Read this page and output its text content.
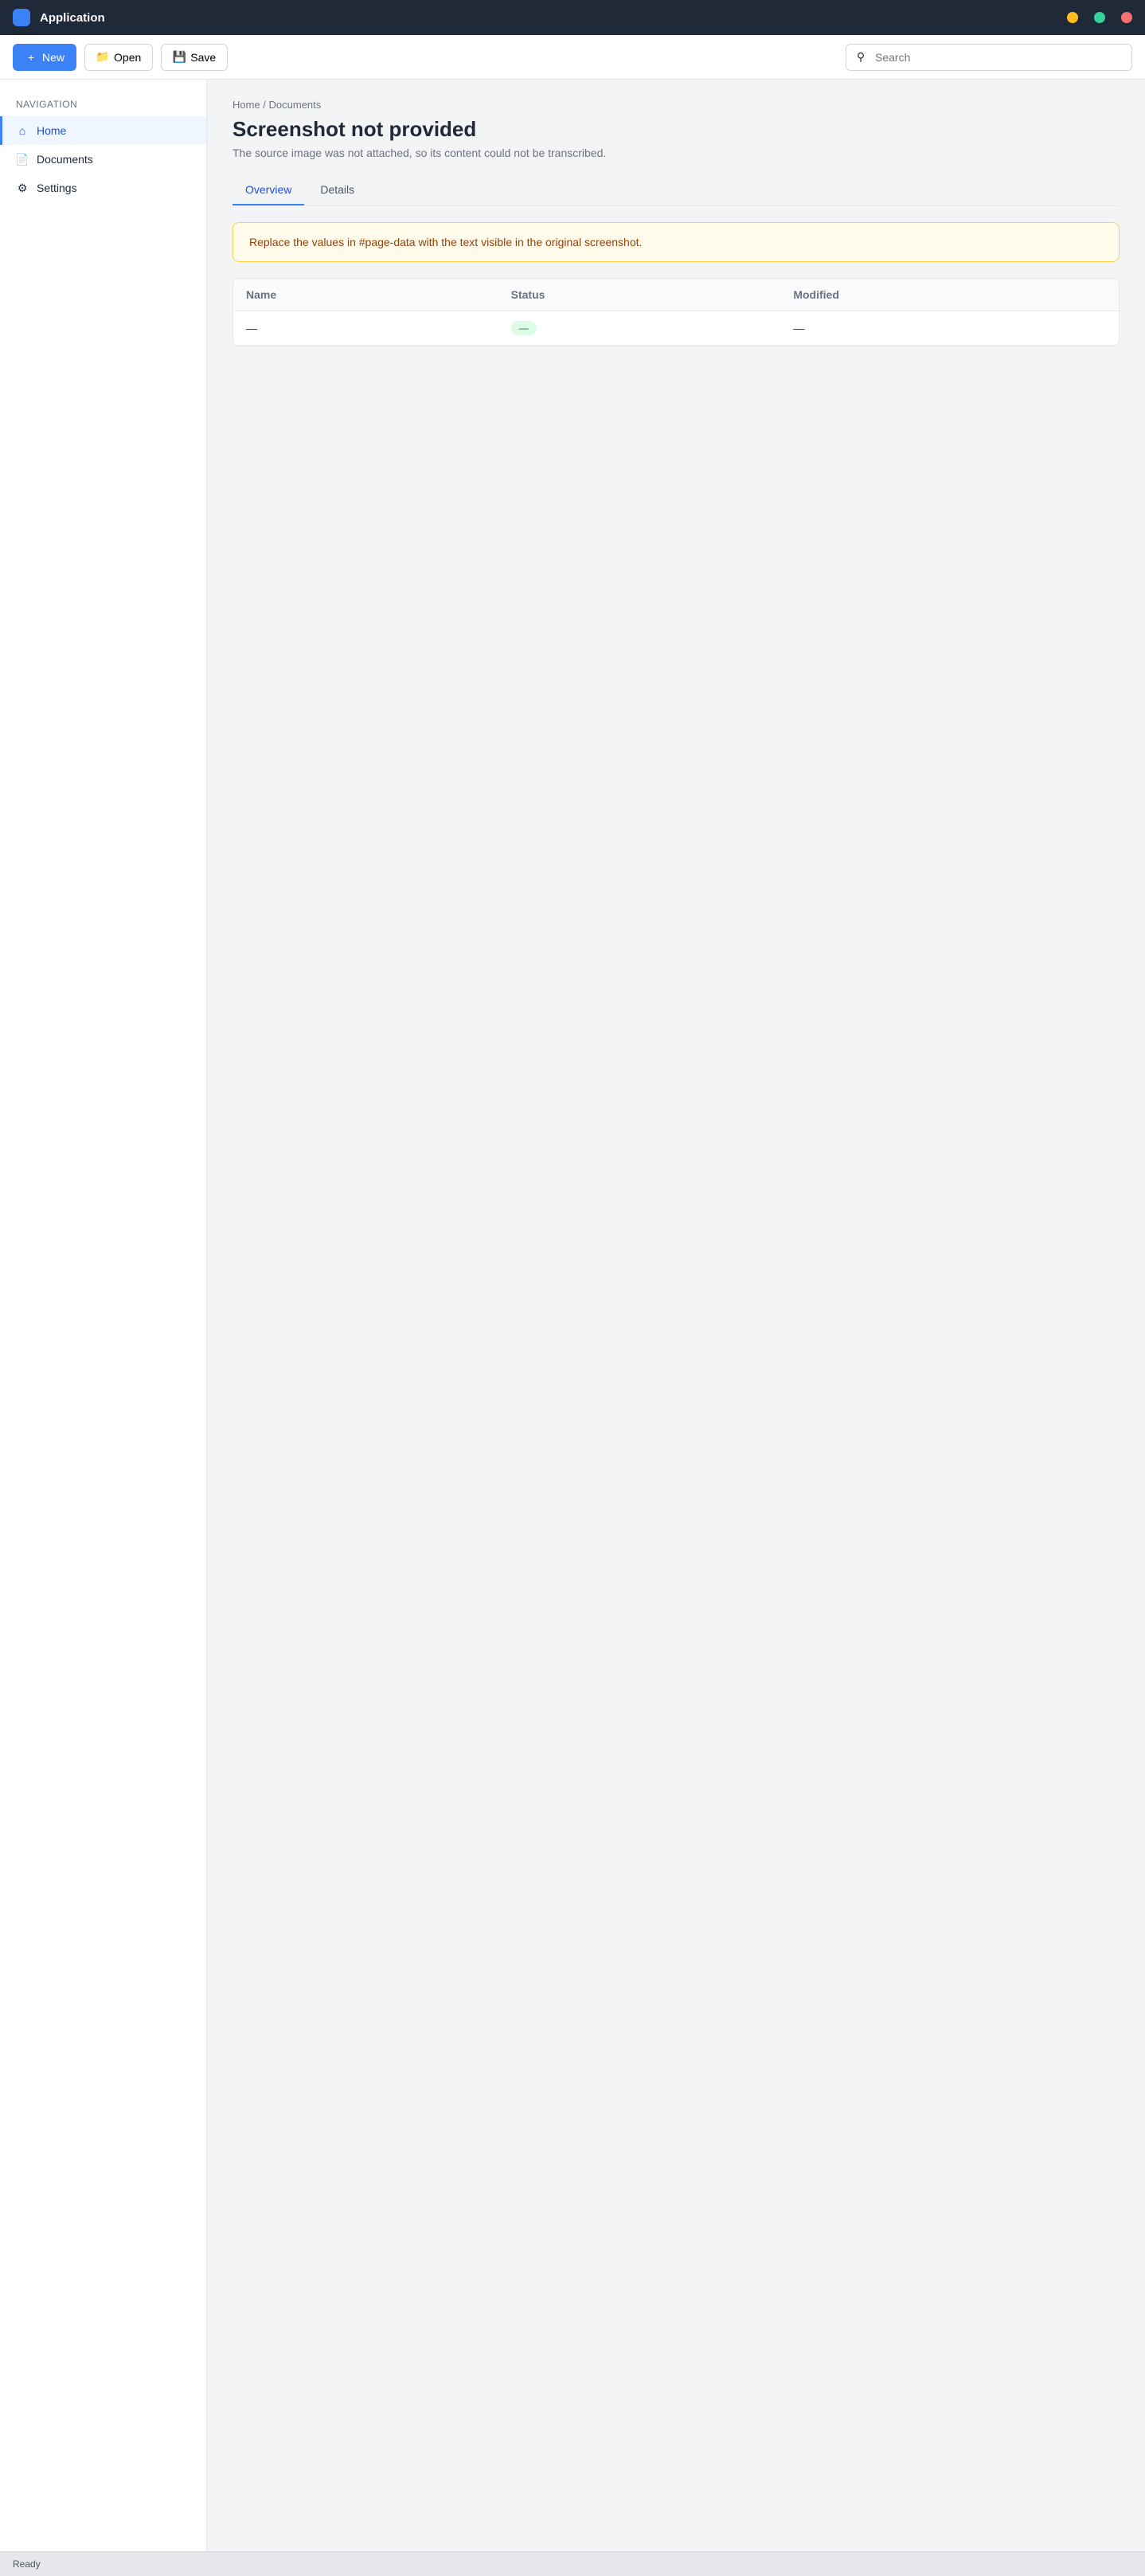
Application
+ New	📁 Open	💾 Save	⚲
Search
NAVIGATION
⌂ Home
📄 Documents
⚙ Settings
Home / Documents
Screenshot not provided
The source image was not attached, so its content could not be transcribed.
Overview	Details
Replace the values in #page-data with the text visible in the original screenshot.
Name	Status	Modified
—	—	—
Ready
